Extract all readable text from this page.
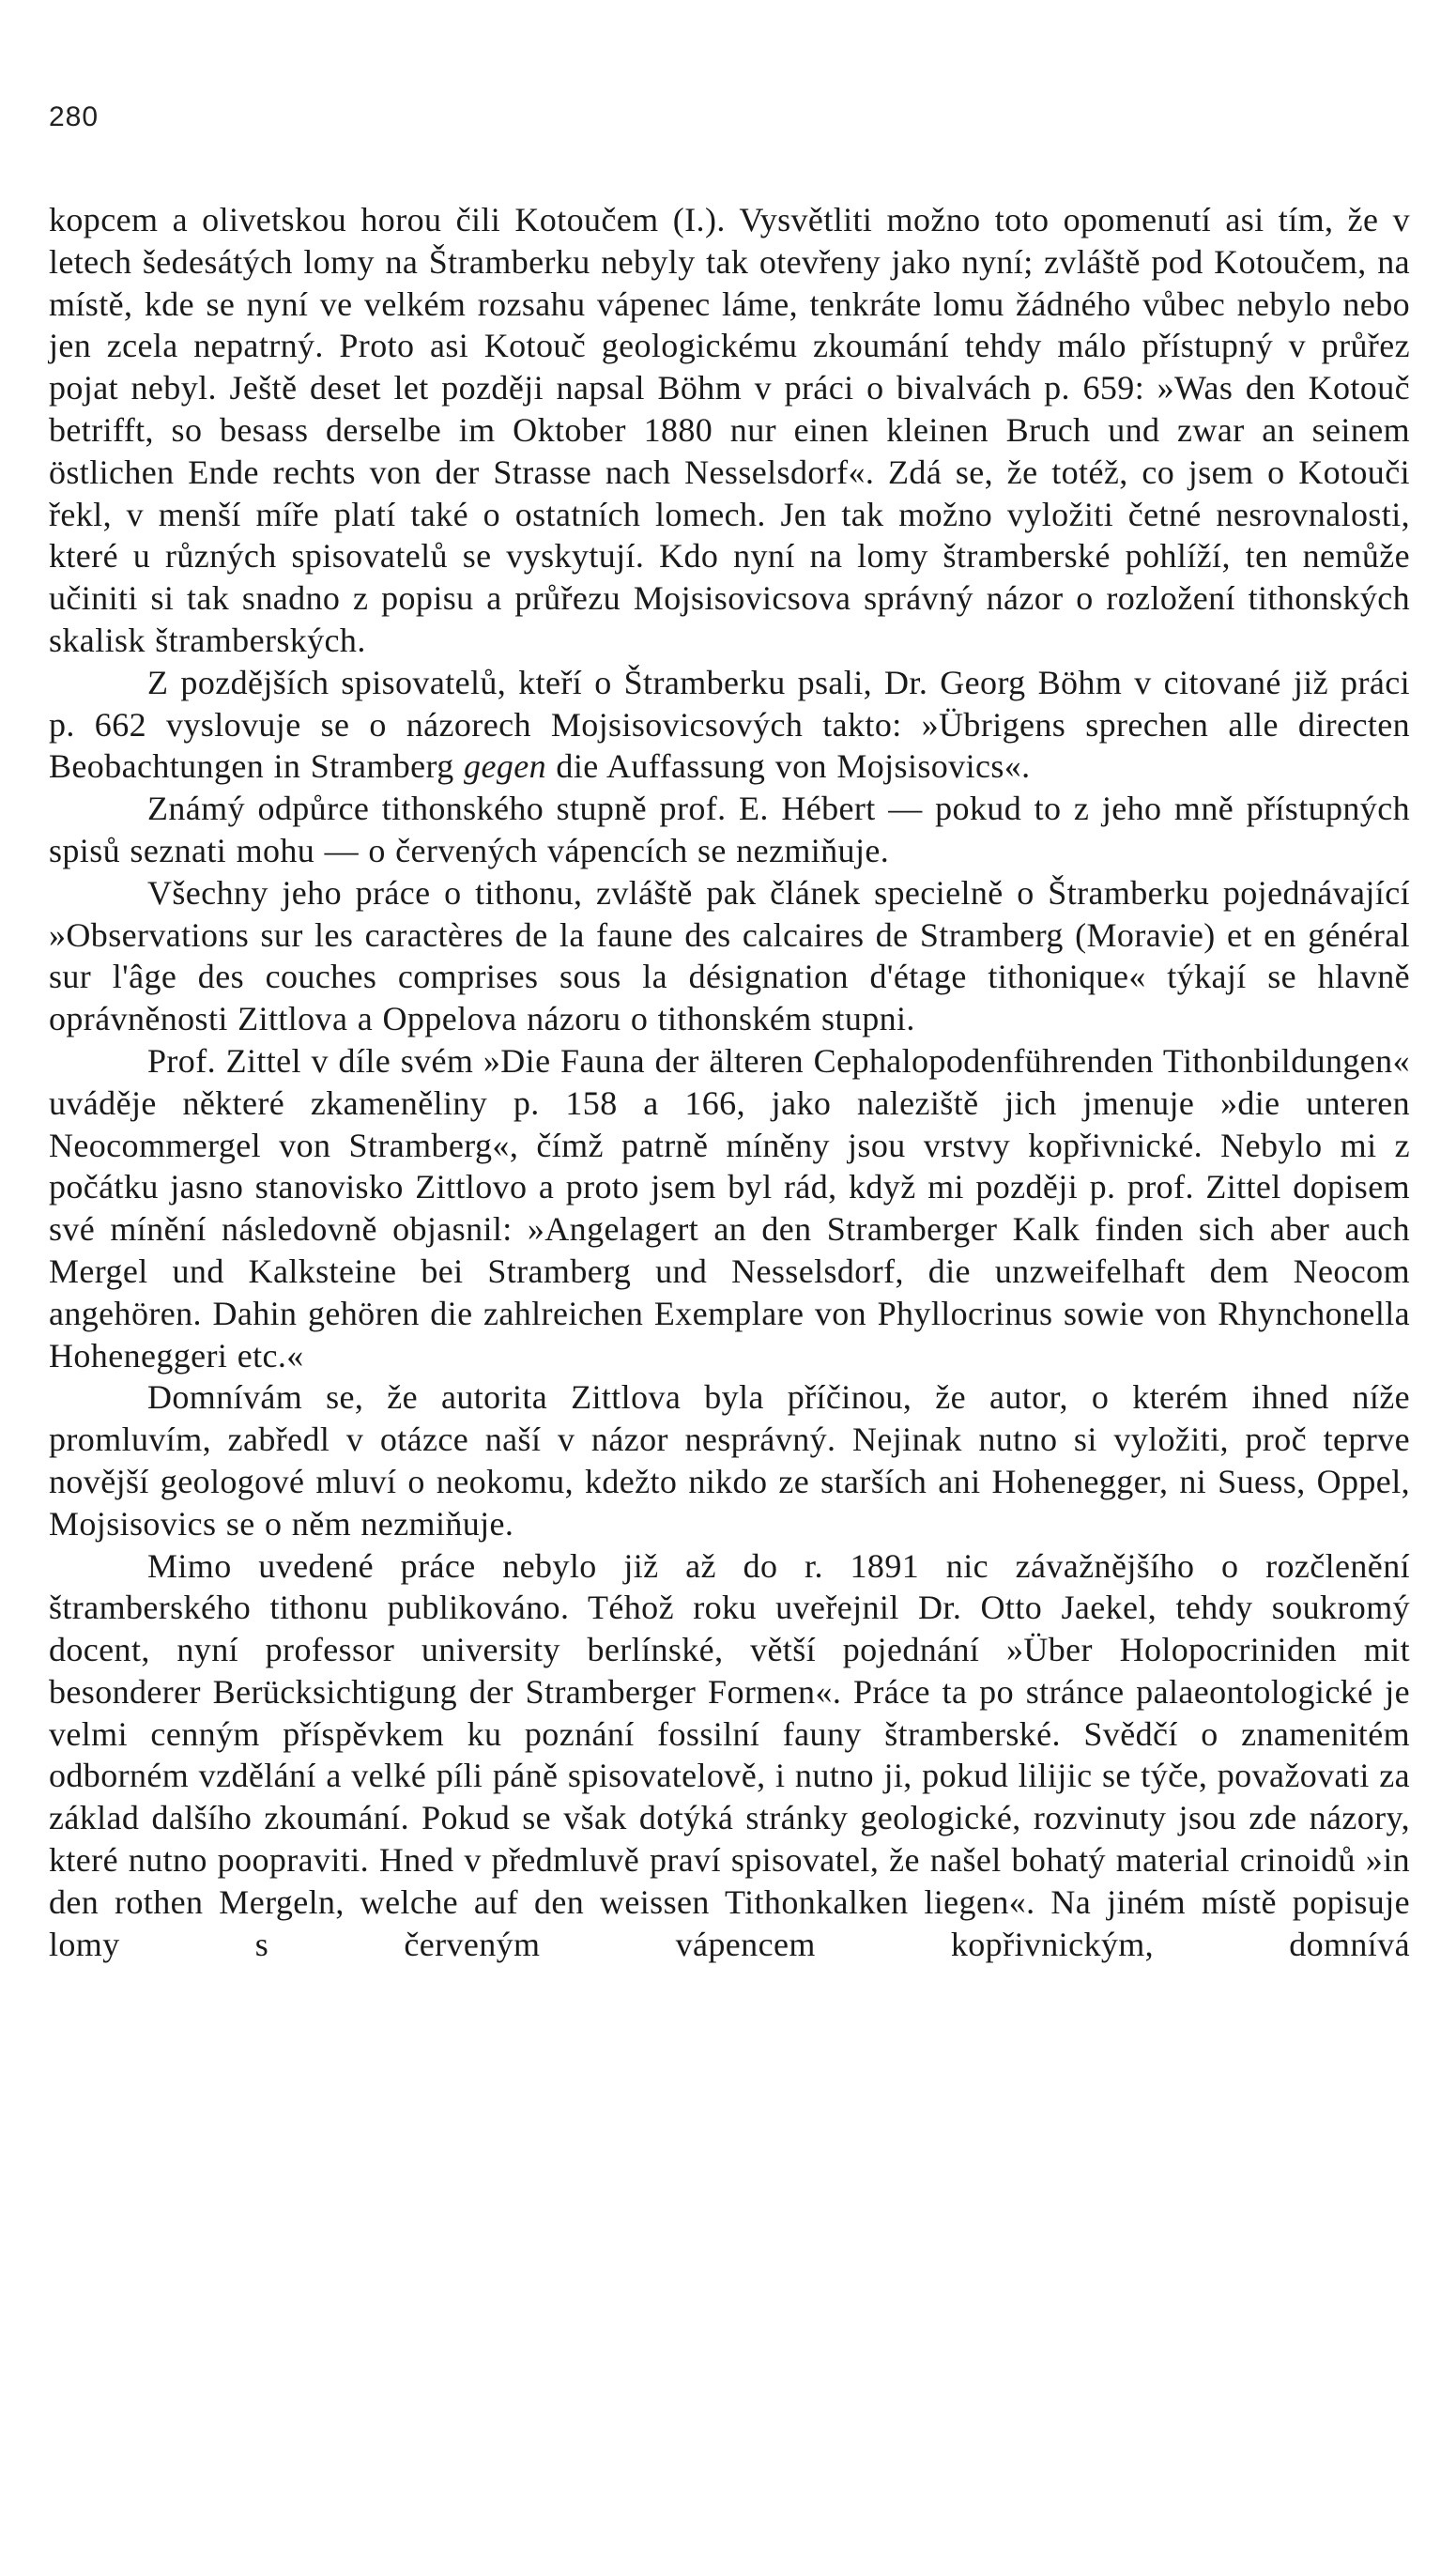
280

kopcem a olivetskou horou čili Kotoučem (I.). Vysvětliti možno toto opomenutí asi tím, že v letech šedesátých lomy na Štramberku nebyly tak otevřeny jako nyní; zvláště pod Kotoučem, na místě, kde se nyní ve velkém rozsahu vápenec láme, tenkráte lomu žádného vůbec nebylo nebo jen zcela nepatrný. Proto asi Kotouč geologickému zkoumání tehdy málo přístupný v průřez pojat nebyl. Ještě deset let později napsal Böhm v práci o bivalvách p. 659: »Was den Kotouč betrifft, so besass derselbe im Oktober 1880 nur einen kleinen Bruch und zwar an seinem östlichen Ende rechts von der Strasse nach Nesselsdorf«. Zdá se, že totéž, co jsem o Kotouči řekl, v menší míře platí také o ostatních lomech. Jen tak možno vyložiti četné nesrovnalosti, které u různých spisovatelů se vyskytují. Kdo nyní na lomy štramberské pohlíží, ten nemůže učiniti si tak snadno z popisu a průřezu Mojsisovicsova správný názor o rozložení tithonských skalisk štramberských.

Z pozdějších spisovatelů, kteří o Štramberku psali, Dr. Georg Böhm v citované již práci p. 662 vyslovuje se o názorech Mojsisovicsových takto: »Übrigens sprechen alle directen Beobachtungen in Stramberg gegen die Auffassung von Mojsisovics«.

Známý odpůrce tithonského stupně prof. E. Hébert — pokud to z jeho mně přístupných spisů seznati mohu — o červených vápencích se nezmiňuje.

Všechny jeho práce o tithonu, zvláště pak článek specielně o Štramberku pojednávající »Observations sur les caractères de la faune des calcaires de Stramberg (Moravie) et en général sur l'âge des couches comprises sous la désignation d'étage tithonique« týkají se hlavně oprávněnosti Zittlova a Oppelova názoru o tithonském stupni.

Prof. Zittel v díle svém »Die Fauna der älteren Cephalopodenführenden Tithonbildungen« uváděje některé zkameněliny p. 158 a 166, jako naleziště jich jmenuje »die unteren Neocommergel von Stramberg«, čímž patrně míněny jsou vrstvy kopřivnické. Nebylo mi z počátku jasno stanovisko Zittlovo a proto jsem byl rád, když mi později p. prof. Zittel dopisem své mínění následovně objasnil: »Angelagert an den Stramberger Kalk finden sich aber auch Mergel und Kalksteine bei Stramberg und Nesselsdorf, die unzweifelhaft dem Neocom angehören. Dahin gehören die zahlreichen Exemplare von Phyllocrinus sowie von Rhynchonella Hoheneggeri etc.«

Domnívám se, že autorita Zittlova byla příčinou, že autor, o kterém ihned níže promluvím, zabředl v otázce naší v názor nesprávný. Nejinak nutno si vyložiti, proč teprve novější geologové mluví o neokomu, kdežto nikdo ze starších ani Hohenegger, ni Suess, Oppel, Mojsisovics se o něm nezmiňuje.

Mimo uvedené práce nebylo již až do r. 1891 nic závažnějšího o rozčlenění štramberského tithonu publikováno. Téhož roku uveřejnil Dr. Otto Jaekel, tehdy soukromý docent, nyní professor university berlínské, větší pojednání »Über Holopocriniden mit besonderer Berücksichtigung der Stramberger Formen«. Práce ta po stránce palaeontologické je velmi cenným příspěvkem ku poznání fossilní fauny štramberské. Svědčí o znamenitém odborném vzdělání a velké píli páně spisovatelově, i nutno ji, pokud lilijic se týče, považovati za základ dalšího zkoumání. Pokud se však dotýká stránky geologické, rozvinuty jsou zde názory, které nutno poopraviti. Hned v předmluvě praví spisovatel, že našel bohatý material crinoidů »in den rothen Mergeln, welche auf den weissen Tithonkalken liegen«. Na jiném místě popisuje lomy s červeným vápencem kopřivnickým, domnívá
